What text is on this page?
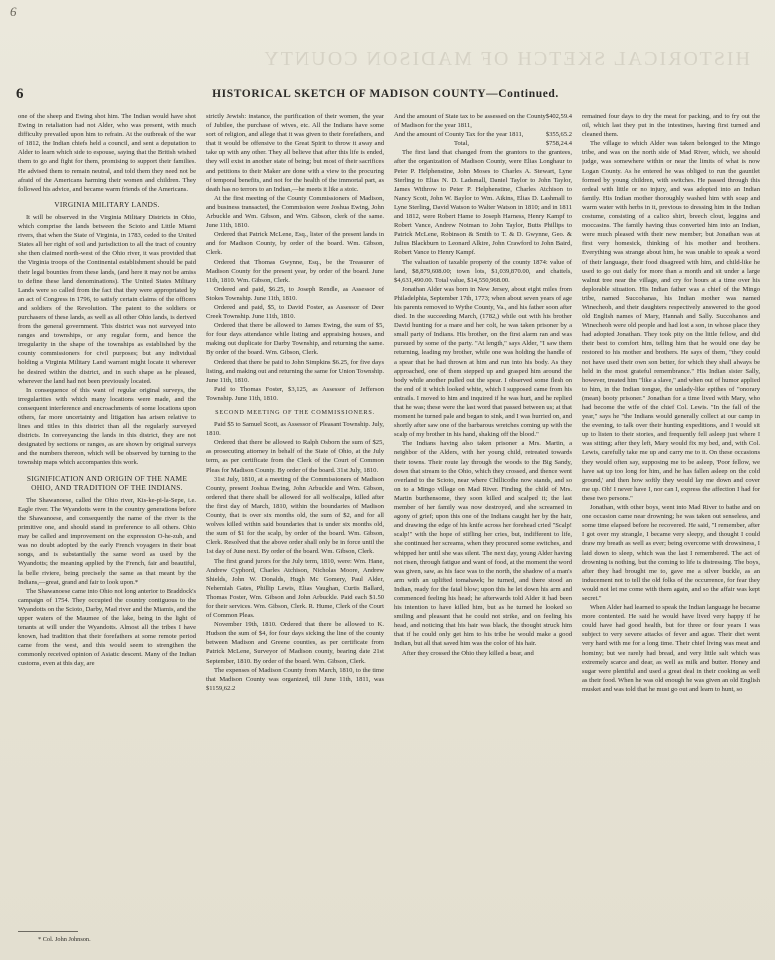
6
HISTORICAL SKETCH OF MADISON COUNTY
6	HISTORICAL SKETCH OF MADISON COUNTY—Continued.

one of the sheep and Ewing shot him. The Indian would have shot Ewing in retaliation had not Alder, who was present, with much difficulty prevailed upon him to refrain. At the outbreak of the war of 1812, the Indian chiefs held a council, and sent a deputation to Alder to learn which side to espouse, saying that the British wished them to go and fight for them, promising to support their families. He advised them to remain neutral, and told them they need not be afraid of the Americans harming their women and children. They followed his advice, and became warm friends of the Americans.

VIRGINIA MILITARY LANDS.

It will be observed in the Virginia Military Districts in Ohio, which comprise the lands between the Scioto and Little Miami rivers, that when the State of Virginia, in 1783, ceded to the United States all her right of soil and jurisdiction to all the tract of country she then claimed north-west of the Ohio river, it was provided that the Virginia troops of the Continental establishment should be paid their legal bounties from these lands, (and here it may not be amiss to define these land denominations). The United States Military Lands were so called from the fact that they were appropriated by an act of Congress in 1796, to satisfy certain claims of the officers and soldiers of the Revolution. The patent to the soldiers or purchasers of these lands, as well as all other Ohio lands, is derived from the general government. This district was not surveyed into ranges and townships, or any regular form, and hence the irregularity in the shape of the townships as established by the county commissioners for civil purposes; but any individual holding a Virginia Military Land warrant might locate it wherever he desired within the district, and in such shape as he pleased, wherever the land had not been previously located.

In consequence of this want of regular original surveys, the irregularities with which many locations were made, and the consequent interference and encroachments of some locations upon others, far more uncertainty and litigation has arisen relative to lines and titles in this district than all the regularly surveyed districts. In conveyancing the lands in this district, they are not designated by sections or ranges, as are shown by original surveys and the numbers thereon, which will be observed by turning to the township maps which accompanies this work.

SIGNIFICATION AND ORIGIN OF THE NAME OHIO, AND TRADITION OF THE INDIANS.

The Shawanoese, called the Ohio river, Kis-ke-pi-la-Sepe, i.e. Eagle river. The Wyandotts were in the country generations before the Shawanoese, and consequently the name of the river is the primitive one, and should stand in preference to all others. Ohio may be called and improvement on the expression O-he-zuh, and was no doubt adopted by the early French voyagers in their boat songs, and is substantially the same word as used by the Wyandotts; the meaning applied by the French, fair and beautiful, la belle riviere, being precisely the same as that meant by the Indians,—great, grand and fair to look upon.*

The Shawanoese came into Ohio not long anterior to Braddock's campaign of 1754. They occupied the country contiguous to the Wyandotts on the Scioto, Darby, Mad river and the Miamis, and the upper waters of the Maumee of the lake, being in the light of tenants at will under the Wyandotts. Almost all the tribes I have known, had tradition that their forefathers at some remote period came from the west, and this would seem to strengthen the commonly received opinion of Asiatic descent. Many of the Indian customs, even at this day, are

* Col. John Johnson.

strictly Jewish: instance, the purification of their women, the year of Jubilee, the purchase of wives, etc. All the Indians have some sort of religion, and allege that it was given to their forefathers, and that it would be offensive to the Great Spirit to throw it away and take up with any other. They all believe that after this life is ended, they will exist in another state of being; but most of their sacrifices and petitions to their Maker are done with a view to the procuring of temporal benefits, and not for the health of the immortal part, as death has no terrors to an Indian,—he meets it like a stoic.

At the first meeting of the County Commissioners of Madison, and business transacted, the Commission were Joshua Ewing, John Arbuckle and Wm. Gibson, and Wm. Gibson, clerk of the same. June 11th, 1810.

Ordered that Patrick McLene, Esq., lister of the present lands in and for Madison County, by order of the board. Wm. Gibson, Clerk.

Ordered that Thomas Gwynne, Esq., be the Treasurer of Madison County for the present year, by order of the board. June 11th, 1810. Wm. Gibson, Clerk.

Ordered and paid, $6.25, to Joseph Rendle, as Assessor of Stokes Township. June 11th, 1810.

Ordered and paid, $5, to David Foster, as Assessor of Deer Creek Township. June 11th, 1810.

Ordered that there be allowed to James Ewing, the sum of $5, for four days attendance while listing and appraising houses, and making out duplicate for Darby Township, and returning the same. By order of the board. Wm. Gibson, Clerk.

Ordered that there be paid to John Simpkins $6.25, for five days listing, and making out and returning the same for Union Township. June 11th, 1810.

Paid to Thomas Foster, $3,125, as Assessor of Jefferson Township. June 11th, 1810.

SECOND MEETING OF THE COMMISSIONERS.

Paid $5 to Samuel Scott, as Assessor of Pleasant Township. July, 1810.

Ordered that there be allowed to Ralph Osborn the sum of $25, as prosecuting attorney in behalf of the State of Ohio, at the July term, as per certificate from the Clerk of the Court of Common Pleas for Madison County. By order of the board. 31st July, 1810.

31st July, 1810, at a meeting of the Commissioners of Madison County, present Joshua Ewing, John Arbuckle and Wm. Gibson, ordered that there shall be allowed for all wolfscalps, killed after the first day of March, 1810, within the boundaries of Madison County, that is over six months old, the sum of $2, and for all wolves killed within said boundaries that is under six months old, the sum of $1 for the scalp, by order of the board. Wm. Gibson, Clerk. Resolved that the above order shall only be in force until the 1st day of June next. By order of the board. Wm. Gibson, Clerk.

The first grand jurors for the July term, 1810, were: Wm. Hane, Andrew Cyphord, Charles Atchison, Nicholas Moore, Andrew Shields, John W. Donalds, Hugh Mc Gomery, Paul Alder, Nehemiah Gates, Phillip Lewis, Elias Vaughan, Curtis Ballard, Thomas Foster, Wm. Gibson and John Arbuckle. Paid each $1.50 for their services. Wm. Gibson, Clerk. R. Hume, Clerk of the Court of Common Pleas.

November 19th, 1810. Ordered that there be allowed to K. Hudson the sum of $4, for four days sicking the line of the county between Madison and Greene counties, as per certificate from Patrick McLene, Surveyor of Madison county, bearing date 21st September, 1810. By order of the board. Wm. Gibson, Clerk.

The expenses of Madison County from March, 1810, to the time that Madison County was organized, till June 11th, 1811, was $1159,62.2

And the amount of State tax to be assessed on the County of Madison for the year 1811,
$402,59.4
And the amount of County Tax for the year 1811,	$355,65.2
Total,	$758,24.4

The first land that changed from the grantors to the grantees, after the organization of Madison County, were Elias Longhaur to Peter P. Helphenstine, John Moses to Charles A. Stewart, Lyne Sterling to Elias N. D. Ladsmall, Daniel Taylor to John Taylor, James Withrow to Peter P. Helphenstine, Charles Atchison to Nancy Scott, John W. Baylor to Wm. Aikins, Elias D. Lashmall to Lyne Sterling, David Watson to Walter Watson in 1810; and in 1811 and 1812, were Robert Hame to Joseph Harness, Henry Kampf to Robert Vance, Andrew Notman to John Taylor, Butts Phillips to Patrick McLene, Robinson & Smith to T. & D. Gwynne, Geo. & Julius Blackburn to Leonard Alkire, John Crawford to John Baird, Robert Vance to Henry Kampf.

The valuation of taxable property of the county 1874: value of land, $8,879,608.00; town lots, $1,039,870.00, and chattels, $4,631,490.00. Total value, $14,550,968.00.

Jonathan Alder was born in New Jersey, about eight miles from Philadelphia, September 17th, 1773; when about seven years of age his parents removed to Wythe County, Va., and his father soon after died. In the succeeding March, (1782,) while out with his brother David hunting for a mare and her colt, he was taken prisoner by a small party of Indians. His brother, on the first alarm ran and was pursued by some of the party. "At length," says Alder, "I saw them returning, leading my brother, while one was holding the handle of a spear that he had thrown at him and run into his body. As they approached, one of them stepped up and grasped him around the body while another pulled out the spear. I observed some flesh on the end of it which looked white, which I supposed came from his entrails. I moved to him and inquired if he was hurt, and he replied that he was; these were the last word that passed between us; at that moment he turned pale and began to sink, and I was hurried on, and shortly after saw one of the barbarous wretches coming up with the scalp of my brother in his hand, shaking off the blood."

The Indians having also taken prisoner a Mrs. Martin, a neighbor of the Alders, with her young child, retreated towards their towns. Their route lay through the woods to the Big Sandy, down that stream to the Ohio, which they crossed, and thence went overland to the Scioto, near where Chillicothe now stands, and so on to a Mingo village on Mad River. Finding the child of Mrs. Martin burthensome, they soon killed and scalped it; the last member of her family was now destroyed, and she screamed in agony of grief; upon this one of the Indians caught her by the hair, and drawing the edge of his knife across her forehead cried "Scalp! scalp!" with the hope of stifling her cries, but, indifferent to life, she continued her screams, when they procured some switches, and whipped her until she was silent. The next day, young Alder having not risen, through fatigue and want of food, at the moment the word was given, saw, as his face was to the north, the shadow of a man's arm with an uplifted tomahawk; he turned, and there stood an Indian, ready for the fatal blow; upon this he let down his arm and commenced feeling his head; he afterwards told Alder it had been his intention to have killed him, but as he turned he looked so smiling and pleasant that he could not strike, and on feeling his head, and noticing that his hair was black, the thought struck him that if he could only get him to his tribe he would make a good Indian, but all that saved him was the color of his hair.

After they crossed the Ohio they killed a bear, and

remained four days to dry the meat for packing, and to fry out the oil, which last they put in the intestines, having first turned and cleaned them.

The village to which Alder was taken belonged to the Mingo tribe, and was on the north side of Mad River, which, we should judge, was somewhere within or near the limits of what is now Logan County. As he entered he was obliged to run the gauntlet formed by young children, with switches. He passed through this ordeal with little or no injury, and was adopted into an Indian family. His Indian mother thoroughly washed him with soap and warm water with herbs in it, previous to dressing him in the Indian costume, consisting of a calico shirt, breech clout, leggins and moccasins. The family having thus converted him into an Indian, were much pleased with their new member; but Jonathan was at first very homesick, thinking of his mother and brothers. Everything was strange about him, he was unable to speak a word of their language, their food disagreed with him, and child-like he used to go out daily for more than a month and sit under a large walnut tree near the village, and cry for hours at a time over his deplorable situation. His Indian father was a chief of the Mingo tribe, named Succohanas, his Indian mother was named Winecheoh, and their daughters respectively answered to the good old English names of Mary, Hannah and Sally. Succohanos and Winecheoh were old people and had lost a son, in whose place they had adopted Jonathan. They took pity on the little fellow, and did their best to comfort him, telling him that he would one day be restored to his mother and brothers. He says of them, "they could not have used their own son better, for which they shall always be held in the most grateful remembrance." His Indian sister Sally, however, treated him "like a slave," and when out of humor applied to him, in the Indian tongue, the unlady-like epithes of "onorary (mean) booty prisoner." Jonathan for a time lived with Mary, who had become the wife of the chief Col. Lewis. "In the fall of the year," says he "the Indians would generally collect at our camp in the evening, to talk over their hunting expeditions, and I would sit up to listen to their stories, and frequently fell asleep just where I was sitting; after they left, Mary would fix my bed, and, with Col. Lewis, carefully take me up and carry me to it. On these occasions they would often say, supposing me to be asleep, 'Poor fellow, we have sat up too long for him, and he has fallen asleep on the cold ground,' and then how softly they would lay me down and cover me up. Oh! I never have I, nor can I, express the affection I had for these two persons."

Jonathan, with other boys, went into Mad River to bathe and on one occasion came near drowning; he was taken out senseless, and some time elapsed before he recovered. He said, "I remember, after I got over my strangle, I became very sleepy, and thought I could draw my breath as well as ever; being overcome with drowsiness, I laid down to sleep, which was the last I remembered. The act of drowning is nothing, but the coming to life is distressing. The boys, after they had brought me to, gave me a silver buckle, as an inducement not to tell the old folks of the occurrence, for fear they would not let me come with them again, and so the affair was kept secret."

When Alder had learned to speak the Indian language he became more contented. He said he would have lived very happy if he could have had good health, but for three or four years I was subject to very severe attacks of fever and ague. Their diet went very hard with me for a long time. Their chief living was meat and hominy; but we rarely had bread, and very little salt which was extremely scarce and dear, as well as milk and butter. Honey and sugar were plentiful and used a great deal in their cooking as well as their food. When he was old enough he was given an old English musket and was told that he must go out and learn to hunt, so
